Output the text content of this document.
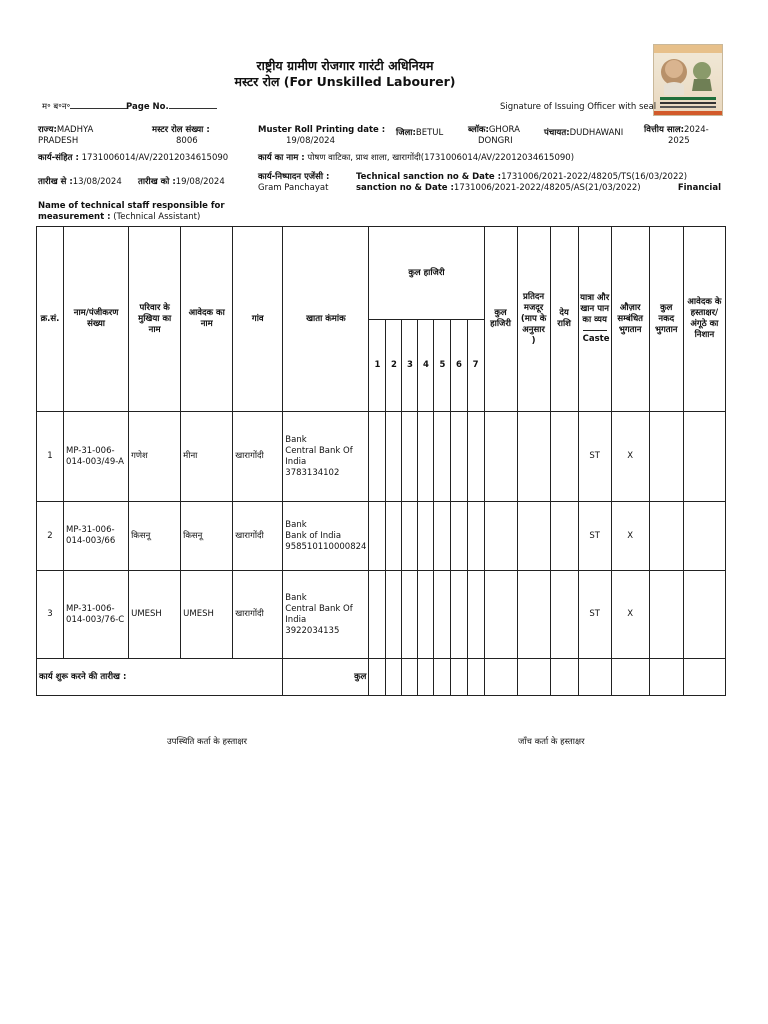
राष्ट्रीय ग्रामीण रोजगार गारंटी अधिनियम
मस्टर रोल (For Unskilled Labourer)
म॰ ब॰न॰	Page No.	Signature of Issuing Officer with seal
राज्य:MADHYA
PRADESH
मस्टर रोल संख्या :
8006
Muster Roll Printing date :
19/08/2024
जिला:BETUL	ब्लॉक:GHORA
DONGRI
पंचायत:DUDHAWANI वित्तीय साल:2024-
2025
कार्य-संहित : 1731006014/AV/22012034615090	कार्य का नाम : पोषण वाटिका, प्राथ शाला, खारागोंदी(1731006014/AV/22012034615090)
तारीख से :13/08/2024 तारीख को :19/08/2024	कार्य-निष्पादन एजेंसी :
Gram Panchayat
Technical sanction no & Date :1731006/2021-2022/48205/TS(16/03/2022)
Financial

sanction no & Date :1731006/2021-2022/48205/AS(21/03/2022)
Name of technical staff responsible for
measurement : (Technical Assistant)
क्र.सं.	नाम/पंजीकरण संख्या	परिवार के मुखिया का नाम	आवेदक का नाम	गांव	खाता कंमांक	कुल हाजिरी							कुल हाजिरी	प्रतिदन मजदूर (माप के अनुसार )	देय राशि	यात्रा और खान पान का व्यय
Caste	औज़ार सम्बंधित भुगतान	कुल नकद भुगतान	आवेदक के हस्ताक्षर/ अंगूठे का निशान
						1	2	3	4	5	6	7							
1	MP-31-006-
014-003/49-A	गणेश	मीना	खारागोंदी	Bank
Central Bank Of
India
3783134102											ST	X		
2	MP-31-006-
014-003/66	किसनू	किसनू	खारागोंदी	Bank
Bank of India
958510110000824											ST	X		
3	MP-31-006-
014-003/76-C	UMESH	UMESH	खारागोंदी	Bank
Central Bank Of
India
3922034135											ST	X		
कार्य शुरू करने की तारीख :					कुल														
उपस्थिति कर्ता के हस्ताक्षर	जाँच कर्ता के हस्ताक्षर
